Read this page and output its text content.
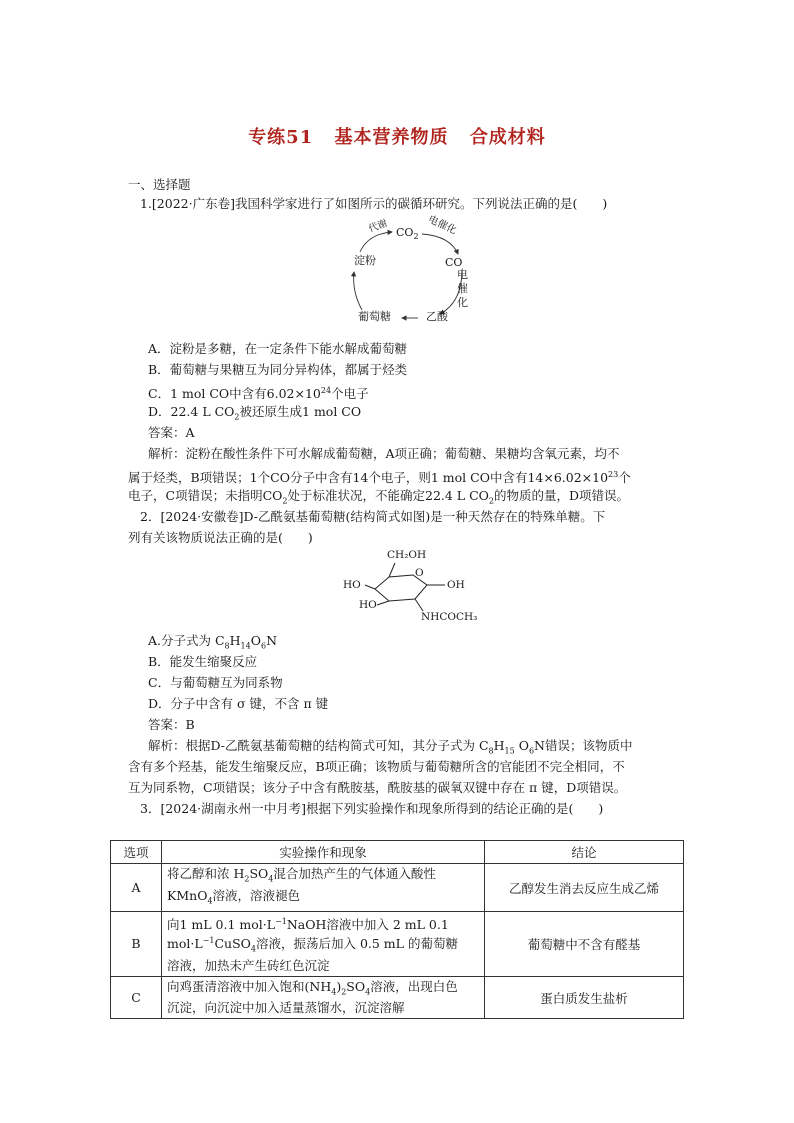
专练51 基本营养物质 合成材料
一、选择题
1.[2022·广东卷]我国科学家进行了如图所示的碳循环研究。下列说法正确的是(　　)
$CO_2$
代谢	电催化
CO
电催化
淀粉
葡萄糖	乙酸
A．淀粉是多糖，在一定条件下能水解成葡萄糖
B．葡萄糖与果糖互为同分异构体，都属于烃类
C．1 mol CO中含有$6.02\times 10^{24}$个电子
D．22.4 L $CO_2$被还原生成1 mol CO
答案：A
解析：淀粉在酸性条件下可水解成葡萄糖，A项正确；葡萄糖、果糖均含氧元素，均不
属于烃类，B项错误；1个CO分子中含有14个电子，则1 mol CO中含有$14\times 6.02\times 10^{23}$个
电子，C项错误；未指明$CO_2$处于标准状况，不能确定22.4 L $CO_2$的物质的量，D项错误。
2．[2024·安徽卷]D-乙酰氨基葡萄糖(结构简式如图)是一种天然存在的特殊单糖。下
列有关该物质说法正确的是(　　)
CH₂OH
O
OH
HO
HO
NHCOCH₃
A.分子式为 $C_8H_{14}O_6N$
B．能发生缩聚反应
C．与葡萄糖互为同系物
D．分子中含有 σ 键，不含 π 键
答案：B
解析：根据D-乙酰氨基葡萄糖的结构简式可知，其分子式为 $C_8H_{15}$ $O_6N$错误；该物质中
含有多个羟基，能发生缩聚反应，B项正确；该物质与葡萄糖所含的官能团不完全相同，不
互为同系物，C项错误；该分子中含有酰胺基，酰胺基的碳氧双键中存在 π 键，D项错误。
3．[2024·湖南永州一中月考]根据下列实验操作和现象所得到的结论正确的是(　　)
选项	实验操作和现象	结论
A	将乙醇和浓 $H_2SO_4$混合加热产生的气体通入酸性
KMnO$_4$溶液，溶液褪色	乙醇发生消去反应生成乙烯
B	向1 mL 0.1 $mol\cdot L^{-1}NaOH$溶液中加入 2 mL 0.1
$mol\cdot L^{-1}CuSO_4$溶液，振荡后加入 0.5 mL 的葡萄糖
溶液，加热未产生砖红色沉淀	葡萄糖中不含有醛基
C	向鸡蛋清溶液中加入饱和$(NH_4)_2SO_4$溶液，出现白色
沉淀，向沉淀中加入适量蒸馏水，沉淀溶解	蛋白质发生盐析
